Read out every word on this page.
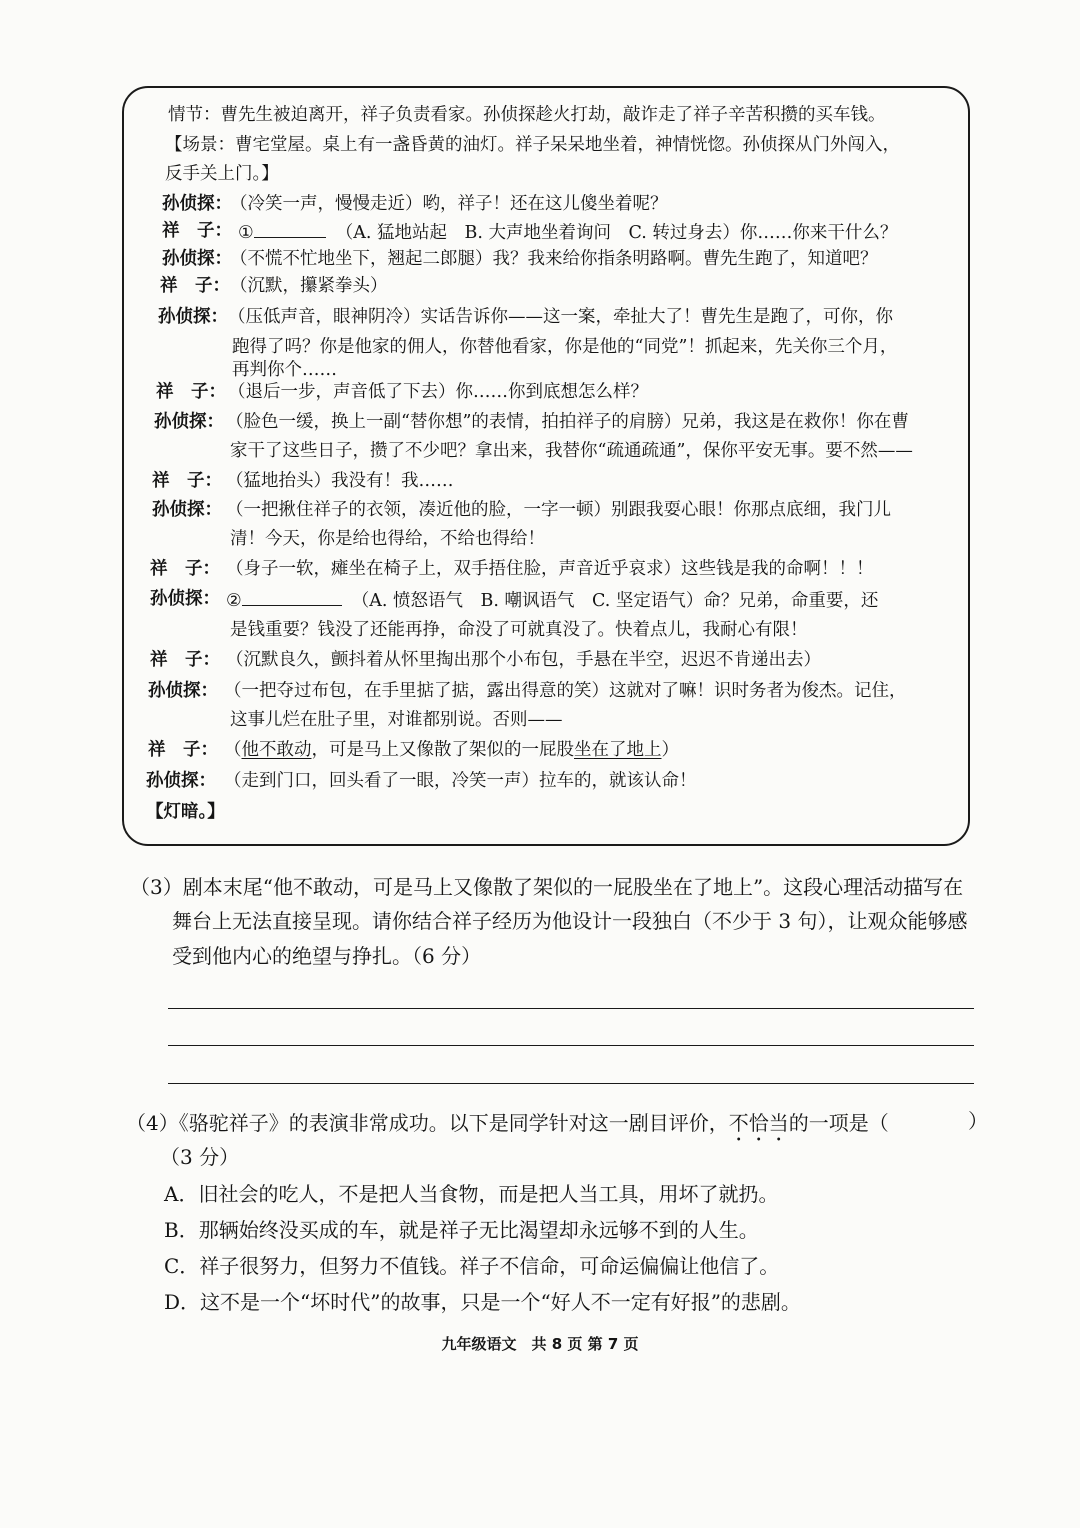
情节：曹先生被迫离开，祥子负责看家。孙侦探趁火打劫，敲诈走了祥子辛苦积攒的买车钱。
【场景：曹宅堂屋。桌上有一盏昏黄的油灯。祥子呆呆地坐着，神情恍惚。孙侦探从门外闯入，
反手关上门。】
孙侦探：
（冷笑一声，慢慢走近）哟，祥子！还在这儿傻坐着呢？
祥　子： ①	（A. 猛地站起　B. 大声地坐着询问　C. 转过身去）你……你来干什么？
孙侦探：
（不慌不忙地坐下，翘起二郎腿）我？我来给你指条明路啊。曹先生跑了，知道吧？
祥　子： （沉默，攥紧拳头）
孙侦探： （压低声音，眼神阴冷）实话告诉你——这一案，牵扯大了！曹先生是跑了，可你，你
跑得了吗？你是他家的佣人，你替他看家，你是他的“同党”！抓起来，先关你三个月，
再判你个……
祥　子： （退后一步，声音低了下去）你……你到底想怎么样？
孙侦探： （脸色一缓，换上一副“替你想”的表情，拍拍祥子的肩膀）兄弟，我这是在救你！你在曹
家干了这些日子，攒了不少吧？拿出来，我替你“疏通疏通”，保你平安无事。要不然——
祥　子： （猛地抬头）我没有！我……
孙侦探： （一把揪住祥子的衣领，凑近他的脸，一字一顿）别跟我耍心眼！你那点底细，我门儿
清！今天，你是给也得给，不给也得给！
祥　子： （身子一软，瘫坐在椅子上，双手捂住脸，声音近乎哀求）这些钱是我的命啊！！！
孙侦探： ②	（A. 愤怒语气　B. 嘲讽语气　C. 坚定语气）命？兄弟，命重要，还
是钱重要？钱没了还能再挣，命没了可就真没了。快着点儿，我耐心有限！
祥　子： （沉默良久，颤抖着从怀里掏出那个小布包，手悬在半空，迟迟不肯递出去）
孙侦探： （一把夺过布包，在手里掂了掂，露出得意的笑）这就对了嘛！识时务者为俊杰。记住，
这事儿烂在肚子里，对谁都别说。否则——
祥　子： （他不敢动，可是马上又像散了架似的一屁股坐在了地上）
孙侦探： （走到门口，回头看了一眼，冷笑一声）拉车的，就该认命！
【灯暗。】
（3）剧本末尾“他不敢动，可是马上又像散了架似的一屁股坐在了地上”。这段心理活动描写在
舞台上无法直接呈现。请你结合祥子经历为他设计一段独白（不少于 3 句），让观众能够感
受到他内心的绝望与挣扎。（6 分）
（4）《骆驼祥子》的表演非常成功。以下是同学针对这一剧目评价，不恰当的一项是（	）
（3 分）
A．旧社会的吃人，不是把人当食物，而是把人当工具，用坏了就扔。
B．那辆始终没买成的车，就是祥子无比渴望却永远够不到的人生。
C．祥子很努力，但努力不值钱。祥子不信命，可命运偏偏让他信了。
D．这不是一个“坏时代”的故事，只是一个“好人不一定有好报”的悲剧。
九年级语文　共 8 页 第 7 页
